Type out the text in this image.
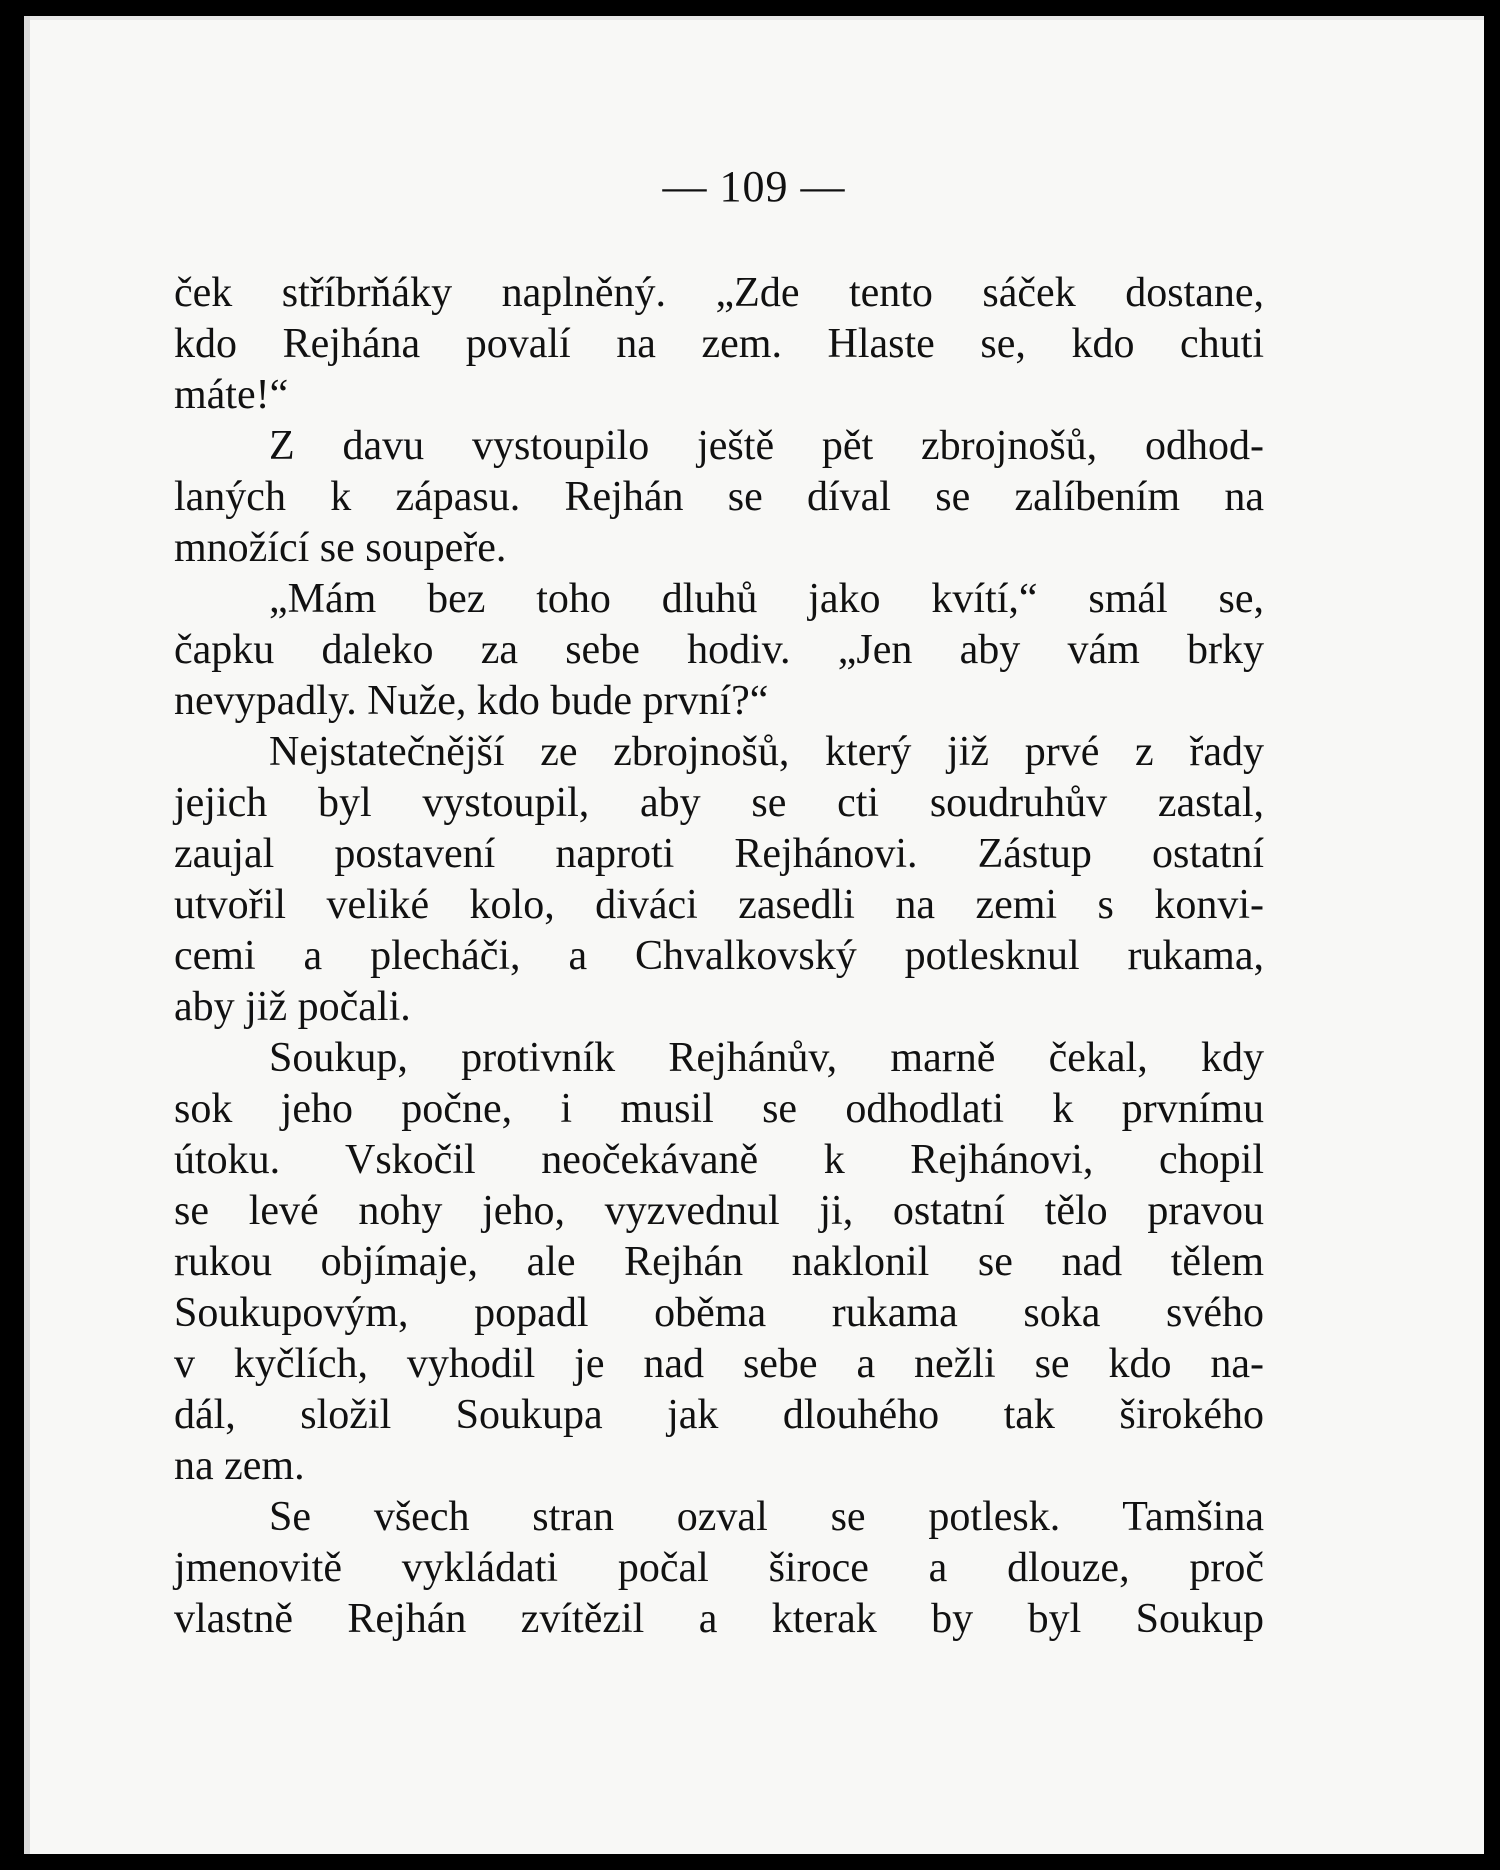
— 109 —
ček stříbrňáky naplněný. „Zde tento sáček dostane,
kdo Rejhána povalí na zem. Hlaste se, kdo chuti
máte!“
Z davu vystoupilo ještě pět zbrojnošů, odhod-
laných k zápasu. Rejhán se díval se zalíbením na
množící se soupeře.
„Mám bez toho dluhů jako kvítí,“ smál se,
čapku daleko za sebe hodiv. „Jen aby vám brky
nevypadly. Nuže, kdo bude první?“
Nejstatečnější ze zbrojnošů, který již prvé z řady
jejich byl vystoupil, aby se cti soudruhův zastal,
zaujal postavení naproti Rejhánovi. Zástup ostatní
utvořil veliké kolo, diváci zasedli na zemi s konvi-
cemi a plecháči, a Chvalkovský potlesknul rukama,
aby již počali.
Soukup, protivník Rejhánův, marně čekal, kdy
sok jeho počne, i musil se odhodlati k prvnímu
útoku. Vskočil neočekávaně k Rejhánovi, chopil
se levé nohy jeho, vyzvednul ji, ostatní tělo pravou
rukou objímaje, ale Rejhán naklonil se nad tělem
Soukupovým, popadl oběma rukama soka svého
v kyčlích, vyhodil je nad sebe a nežli se kdo na-
dál, složil Soukupa jak dlouhého tak širokého
na zem.
Se všech stran ozval se potlesk. Tamšina
jmenovitě vykládati počal široce a dlouze, proč
vlastně Rejhán zvítězil a kterak by byl Soukup
